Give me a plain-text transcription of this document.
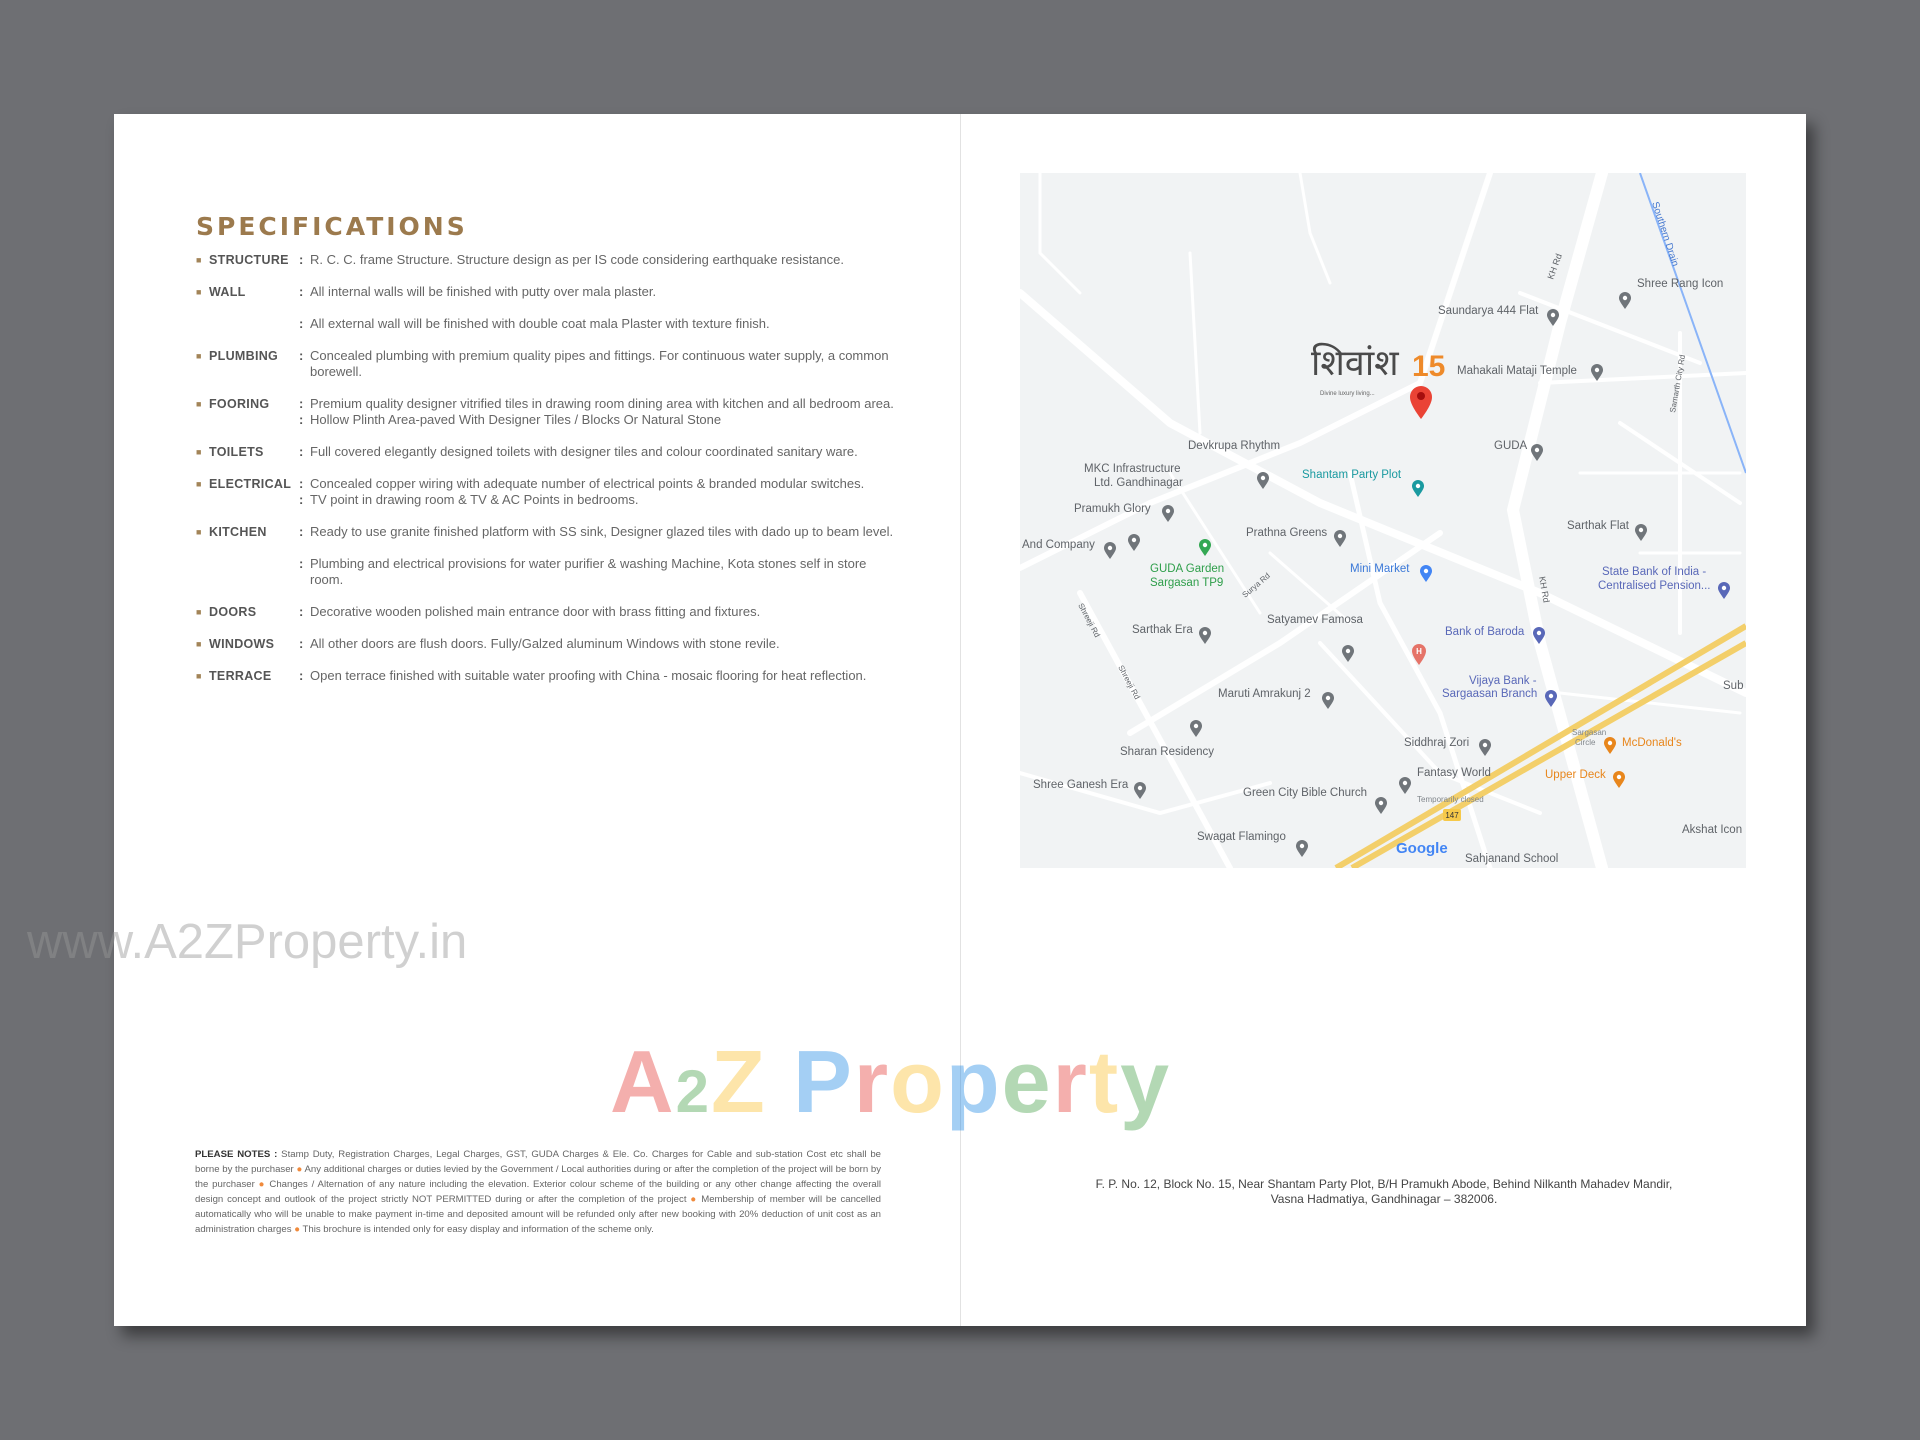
SPECIFICATIONS
■ STRUCTURE : R. C. C. frame Structure. Structure design as per IS code considering earthquake resistance.
■ WALL	: All internal walls will be finished with putty over mala plaster.
: All external wall will be finished with double coat mala Plaster with texture finish.
■ PLUMBING	: Concealed plumbing with premium quality pipes and fittings. For continuous water supply, a common borewell.
■ FOORING	: Premium quality designer vitrified tiles in drawing room dining area with kitchen and all bedroom area.
: Hollow Plinth Area-paved With Designer Tiles / Blocks Or Natural Stone
■ TOILETS	: Full covered elegantly designed toilets with designer tiles and colour coordinated sanitary ware.
■ ELECTRICAL : Concealed copper wiring with adequate number of electrical points & branded modular switches.
: TV point in drawing room & TV & AC Points in bedrooms.
■ KITCHEN	: Ready to use granite finished platform with SS sink, Designer glazed tiles with dado up to beam level.
: Plumbing and electrical provisions for water purifier & washing Machine, Kota stones self in store room.
■ DOORS	: Decorative wooden polished main entrance door with brass fitting and fixtures.
■ WINDOWS	: All other doors are flush doors. Fully/Galzed aluminum Windows with stone revile.
■ TERRACE	: Open terrace finished with suitable water proofing with China - mosaic flooring for heat reflection.
www.A2ZProperty.in
PLEASE NOTES : Stamp Duty, Registration Charges, Legal Charges, GST, GUDA Charges & Ele. Co. Charges for Cable and sub-station Cost etc shall be borne by the purchaser ● Any additional charges or duties levied by the Government / Local authorities during or after the completion of the project will be born by the purchaser ● Changes / Alternation of any nature including the elevation. Exterior colour scheme of the building or any other change affecting the overall design concept and outlook of the project strictly NOT PERMITTED during or after the completion of the project ● Membership of member will be cancelled automatically who will be unable to make payment in-time and deposited amount will be refunded only after new booking with 20% deduction of unit cost as an administration charges ● This brochure is intended only for easy display and information of the scheme only.
A2Z Property
147
KH Rd
KH Rd
Southern Drain
Samarth City Rd
Surya Rd
Shreeji Rd
Shreeji Rd
शिवांश 15
Divine luxury living...
H
Shree Rang Icon
Saundarya 444 Flat
Mahakali Mataji Temple
GUDA
Devkrupa Rhythm
MKC Infrastructure
Ltd. Gandhinagar
Shantam Party Plot
Pramukh Glory
And Company
GUDA Garden
Sargasan TP9
Prathna Greens
Sarthak Flat
Mini Market	State Bank of India -
Centralised Pension...
Sarthak Era
Satyamev Famosa
Bank of Baroda
Vijaya Bank -
Sargaasan Branch
Maruti Amrakunj 2
Sharan Residency
Siddhraj Zori
Sargasan
Circle McDonald's
Fantasy World
Temporarily closed
Upper Deck
Shree Ganesh Era
Green City Bible Church
Akshat Icon
Swagat Flamingo
Sahjanand School
Sub
Google
F. P. No. 12, Block No. 15, Near Shantam Party Plot, B/H Pramukh Abode, Behind Nilkanth Mahadev Mandir,
Vasna Hadmatiya, Gandhinagar – 382006.
